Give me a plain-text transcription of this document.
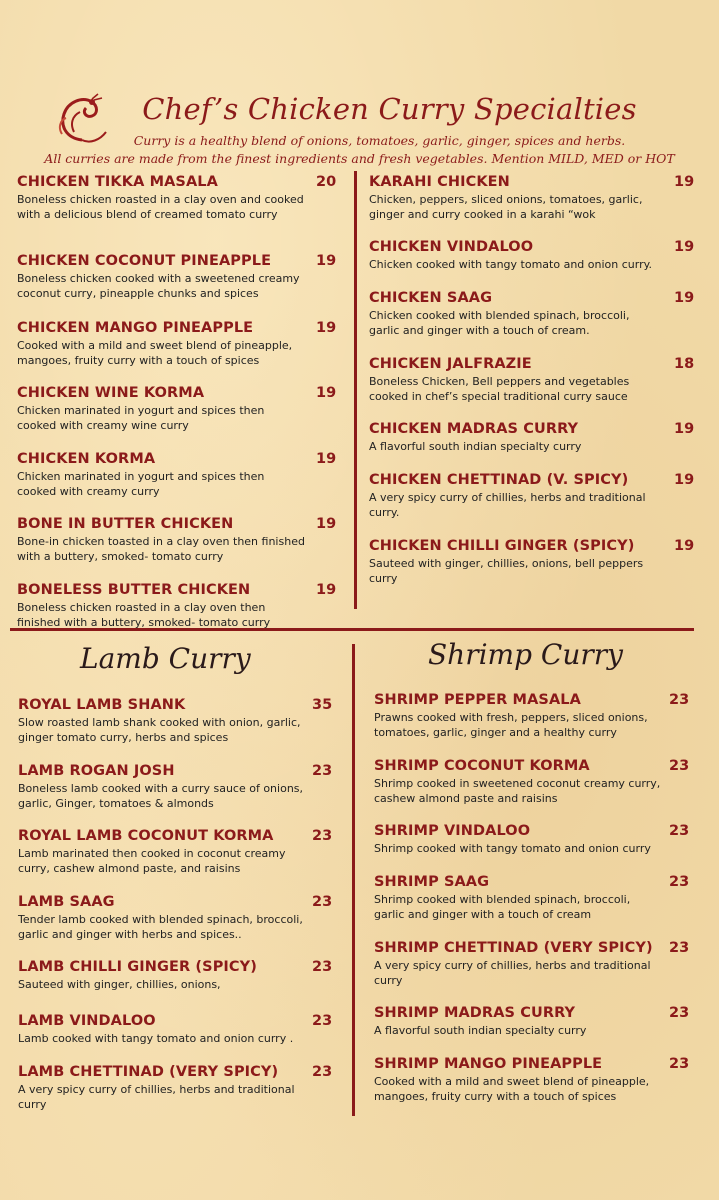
Chef’s Chicken Curry Specialties
Curry is a healthy blend of onions, tomatoes, garlic, ginger, spices and herbs.
All curries are made from the finest ingredients and fresh vegetables. Mention MILD, MED or HOT
CHICKEN TIKKA MASALA
Boneless chicken roasted in a clay oven and cooked with a delicious blend of creamed tomato curry
20
CHICKEN COCONUT PINEAPPLE
Boneless chicken cooked with a sweetened creamy coconut curry, pineapple chunks and spices
19
CHICKEN MANGO PINEAPPLE
Cooked with a mild and sweet blend of pineapple, mangoes, fruity curry with a touch of spices
19
CHICKEN WINE KORMA
Chicken marinated in yogurt and spices then cooked with creamy wine curry
19
CHICKEN KORMA
Chicken marinated in yogurt and spices then cooked with creamy curry
19
BONE IN BUTTER CHICKEN
Bone-in chicken toasted in a clay oven then finished with a buttery, smoked- tomato curry
19
BONELESS BUTTER CHICKEN
Boneless chicken roasted in a clay oven then finished with a buttery, smoked- tomato curry
19
KARAHI CHICKEN
Chicken, peppers, sliced onions, tomatoes, garlic, ginger and curry cooked in a karahi “wok
19
CHICKEN VINDALOO
Chicken cooked with tangy tomato and onion curry.
19
CHICKEN SAAG
Chicken cooked with blended spinach, broccoli, garlic and ginger with a touch of cream.
19
CHICKEN JALFRAZIE
Boneless Chicken, Bell peppers and vegetables cooked in chef’s special traditional curry sauce
18
CHICKEN MADRAS CURRY
A flavorful south indian specialty curry
19
CHICKEN CHETTINAD (V. SPICY)
A very spicy curry of chillies, herbs and traditional curry.
19
CHICKEN CHILLI GINGER (SPICY)
Sauteed with ginger, chillies, onions, bell peppers curry
19
Lamb Curry
ROYAL LAMB SHANK
Slow roasted lamb shank cooked with onion, garlic, ginger tomato curry, herbs and spices
35
LAMB ROGAN JOSH
Boneless lamb cooked with a curry sauce of onions, garlic, Ginger, tomatoes & almonds
23
ROYAL LAMB COCONUT KORMA
Lamb marinated then cooked in coconut creamy curry, cashew almond paste, and raisins
23
LAMB SAAG
Tender lamb cooked with blended spinach, broccoli, garlic and ginger with herbs and spices..
23
LAMB CHILLI GINGER (SPICY)
Sauteed with ginger, chillies, onions,
23
LAMB VINDALOO
Lamb cooked with tangy tomato and onion curry .
23
LAMB CHETTINAD (VERY SPICY)
A very spicy curry of chillies, herbs and traditional curry
23
Shrimp Curry
SHRIMP PEPPER MASALA
Prawns cooked with fresh, peppers, sliced onions, tomatoes, garlic, ginger and a healthy curry
23
SHRIMP COCONUT KORMA
Shrimp cooked in sweetened coconut creamy curry, cashew almond paste and raisins
23
SHRIMP VINDALOO
Shrimp cooked with tangy tomato and onion curry
23
SHRIMP SAAG
Shrimp cooked with blended spinach, broccoli, garlic and ginger with a touch of cream
23
SHRIMP CHETTINAD (VERY SPICY)
A very spicy curry of chillies, herbs and traditional curry
23
SHRIMP MADRAS CURRY
A flavorful south indian specialty curry
23
SHRIMP MANGO PINEAPPLE
Cooked with a mild and sweet blend of pineapple, mangoes, fruity curry with a touch of spices
23
